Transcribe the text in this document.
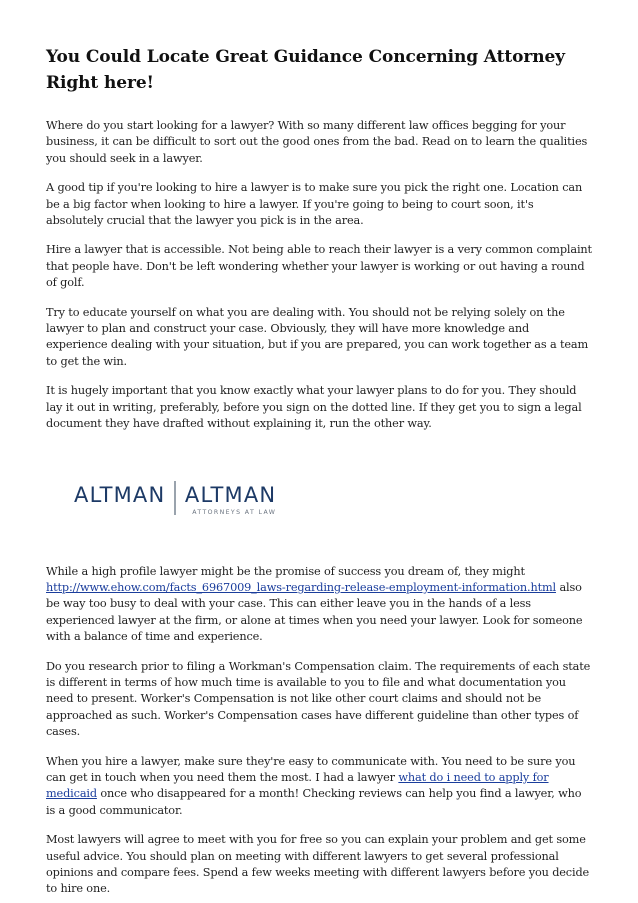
You Could Locate Great Guidance Concerning Attorney Right here!

Where do you start looking for a lawyer? With so many different law offices begging for your business, it can be difficult to sort out the good ones from the bad. Read on to learn the qualities you should seek in a lawyer.

A good tip if you're looking to hire a lawyer is to make sure you pick the right one. Location can be a big factor when looking to hire a lawyer. If you're going to being to court soon, it's absolutely crucial that the lawyer you pick is in the area.

Hire a lawyer that is accessible. Not being able to reach their lawyer is a very common complaint that people have. Don't be left wondering whether your lawyer is working or out having a round of golf.

Try to educate yourself on what you are dealing with. You should not be relying solely on the lawyer to plan and construct your case. Obviously, they will have more knowledge and experience dealing with your situation, but if you are prepared, you can work together as a team to get the win.

It is hugely important that you know exactly what your lawyer plans to do for you. They should lay it out in writing, preferably, before you sign on the dotted line. If they get you to sign a legal document they have drafted without explaining it, run the other way.

ALTMAN ALTMAN
ATTORNEYS AT LAW

While a high profile lawyer might be the promise of success you dream of, they might http://www.ehow.com/facts_6967009_laws-regarding-release-employment-information.html also be way too busy to deal with your case. This can either leave you in the hands of a less experienced lawyer at the firm, or alone at times when you need your lawyer. Look for someone with a balance of time and experience.

Do you research prior to filing a Workman's Compensation claim. The requirements of each state is different in terms of how much time is available to you to file and what documentation you need to present. Worker's Compensation is not like other court claims and should not be approached as such. Worker's Compensation cases have different guideline than other types of cases.

When you hire a lawyer, make sure they're easy to communicate with. You need to be sure you can get in touch when you need them the most. I had a lawyer what do i need to apply for medicaid once who disappeared for a month! Checking reviews can help you find a lawyer, who is a good communicator.

Most lawyers will agree to meet with you for free so you can explain your problem and get some useful advice. You should plan on meeting with different lawyers to get several professional opinions and compare fees. Spend a few weeks meeting with different lawyers before you decide to hire one.
